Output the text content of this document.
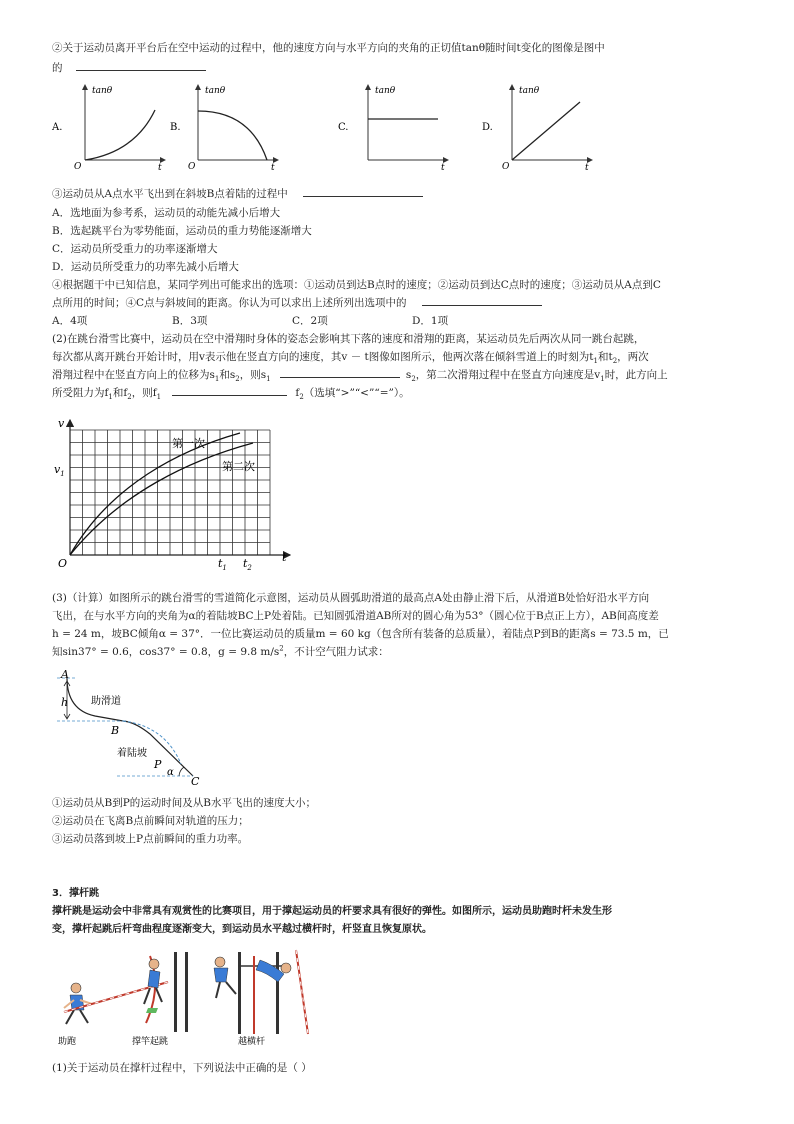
②关于运动员离开平台后在空中运动的过程中，他的速度方向与水平方向的夹角的正切值tanθ随时间t变化的图像是图中
的
A.
tanθ
O	t
B.
tanθ
O	t
C.
tanθ
t
D.
tanθ
O	t
③运动员从A点水平飞出到在斜坡B点着陆的过程中
A．选地面为参考系，运动员的动能先减小后增大
B．选起跳平台为零势能面，运动员的重力势能逐渐增大
C．运动员所受重力的功率逐渐增大
D．运动员所受重力的功率先减小后增大
④根据题干中已知信息，某同学列出可能求出的选项：①运动员到达B点时的速度；②运动员到达C点时的速度；③运动员从A点到C
点所用的时间；④C点与斜坡间的距离。你认为可以求出上述所列出选项中的
A．4项	B．3项	C．2项	D．1项
(2)在跳台滑雪比赛中，运动员在空中滑翔时身体的姿态会影响其下落的速度和滑翔的距离，某运动员先后两次从同一跳台起跳，
每次都从离开跳台开始计时，用v表示他在竖直方向的速度，其v － t图像如图所示，他两次落在倾斜雪道上的时刻为$t_1$和$t_2$，两次
滑翔过程中在竖直方向上的位移为$s_1$和$s_2$，则$s_1$	$s_2$，第二次滑翔过程中在竖直方向速度是$v_1$时，此方向上
所受阻力为$f_1$和$f_2$，则$f_1$	$f_2$（选填“>”“<”“=”）。
v
$v_1$
O	$t_1$ $t_2$
t
第一次
第二次
(3)（计算）如图所示的跳台滑雪的雪道简化示意图，运动员从圆弧助滑道的最高点A处由静止滑下后，从滑道B处恰好沿水平方向
飞出，在与水平方向的夹角为α的着陆坡BC上P处着陆。已知圆弧滑道AB所对的圆心角为53°（圆心位于B点正上方），AB间高度差
h = 24 m，坡BC倾角α = 37°．一位比赛运动员的质量m = 60 kg（包含所有装备的总质量），着陆点P到B的距离s = 73.5 m，已
知sin37° = 0.6，cos37° = 0.8，g = 9.8 $m/s^2$，不计空气阻力试求：
A
h
B
P
α
C
助滑道
着陆坡
①运动员从B到P的运动时间及从B水平飞出的速度大小；
②运动员在飞离B点前瞬间对轨道的压力；
③运动员落到坡上P点前瞬间的重力功率。
3．撑杆跳
撑杆跳是运动会中非常具有观赏性的比赛项目，用于撑起运动员的杆要求具有很好的弹性。如图所示，运动员助跑时杆未发生形
变，撑杆起跳后杆弯曲程度逐渐变大，到运动员水平越过横杆时，杆竖直且恢复原状。
助跑	撑竿起跳	越横杆
(1)关于运动员在撑杆过程中，下列说法中正确的是（ ）
